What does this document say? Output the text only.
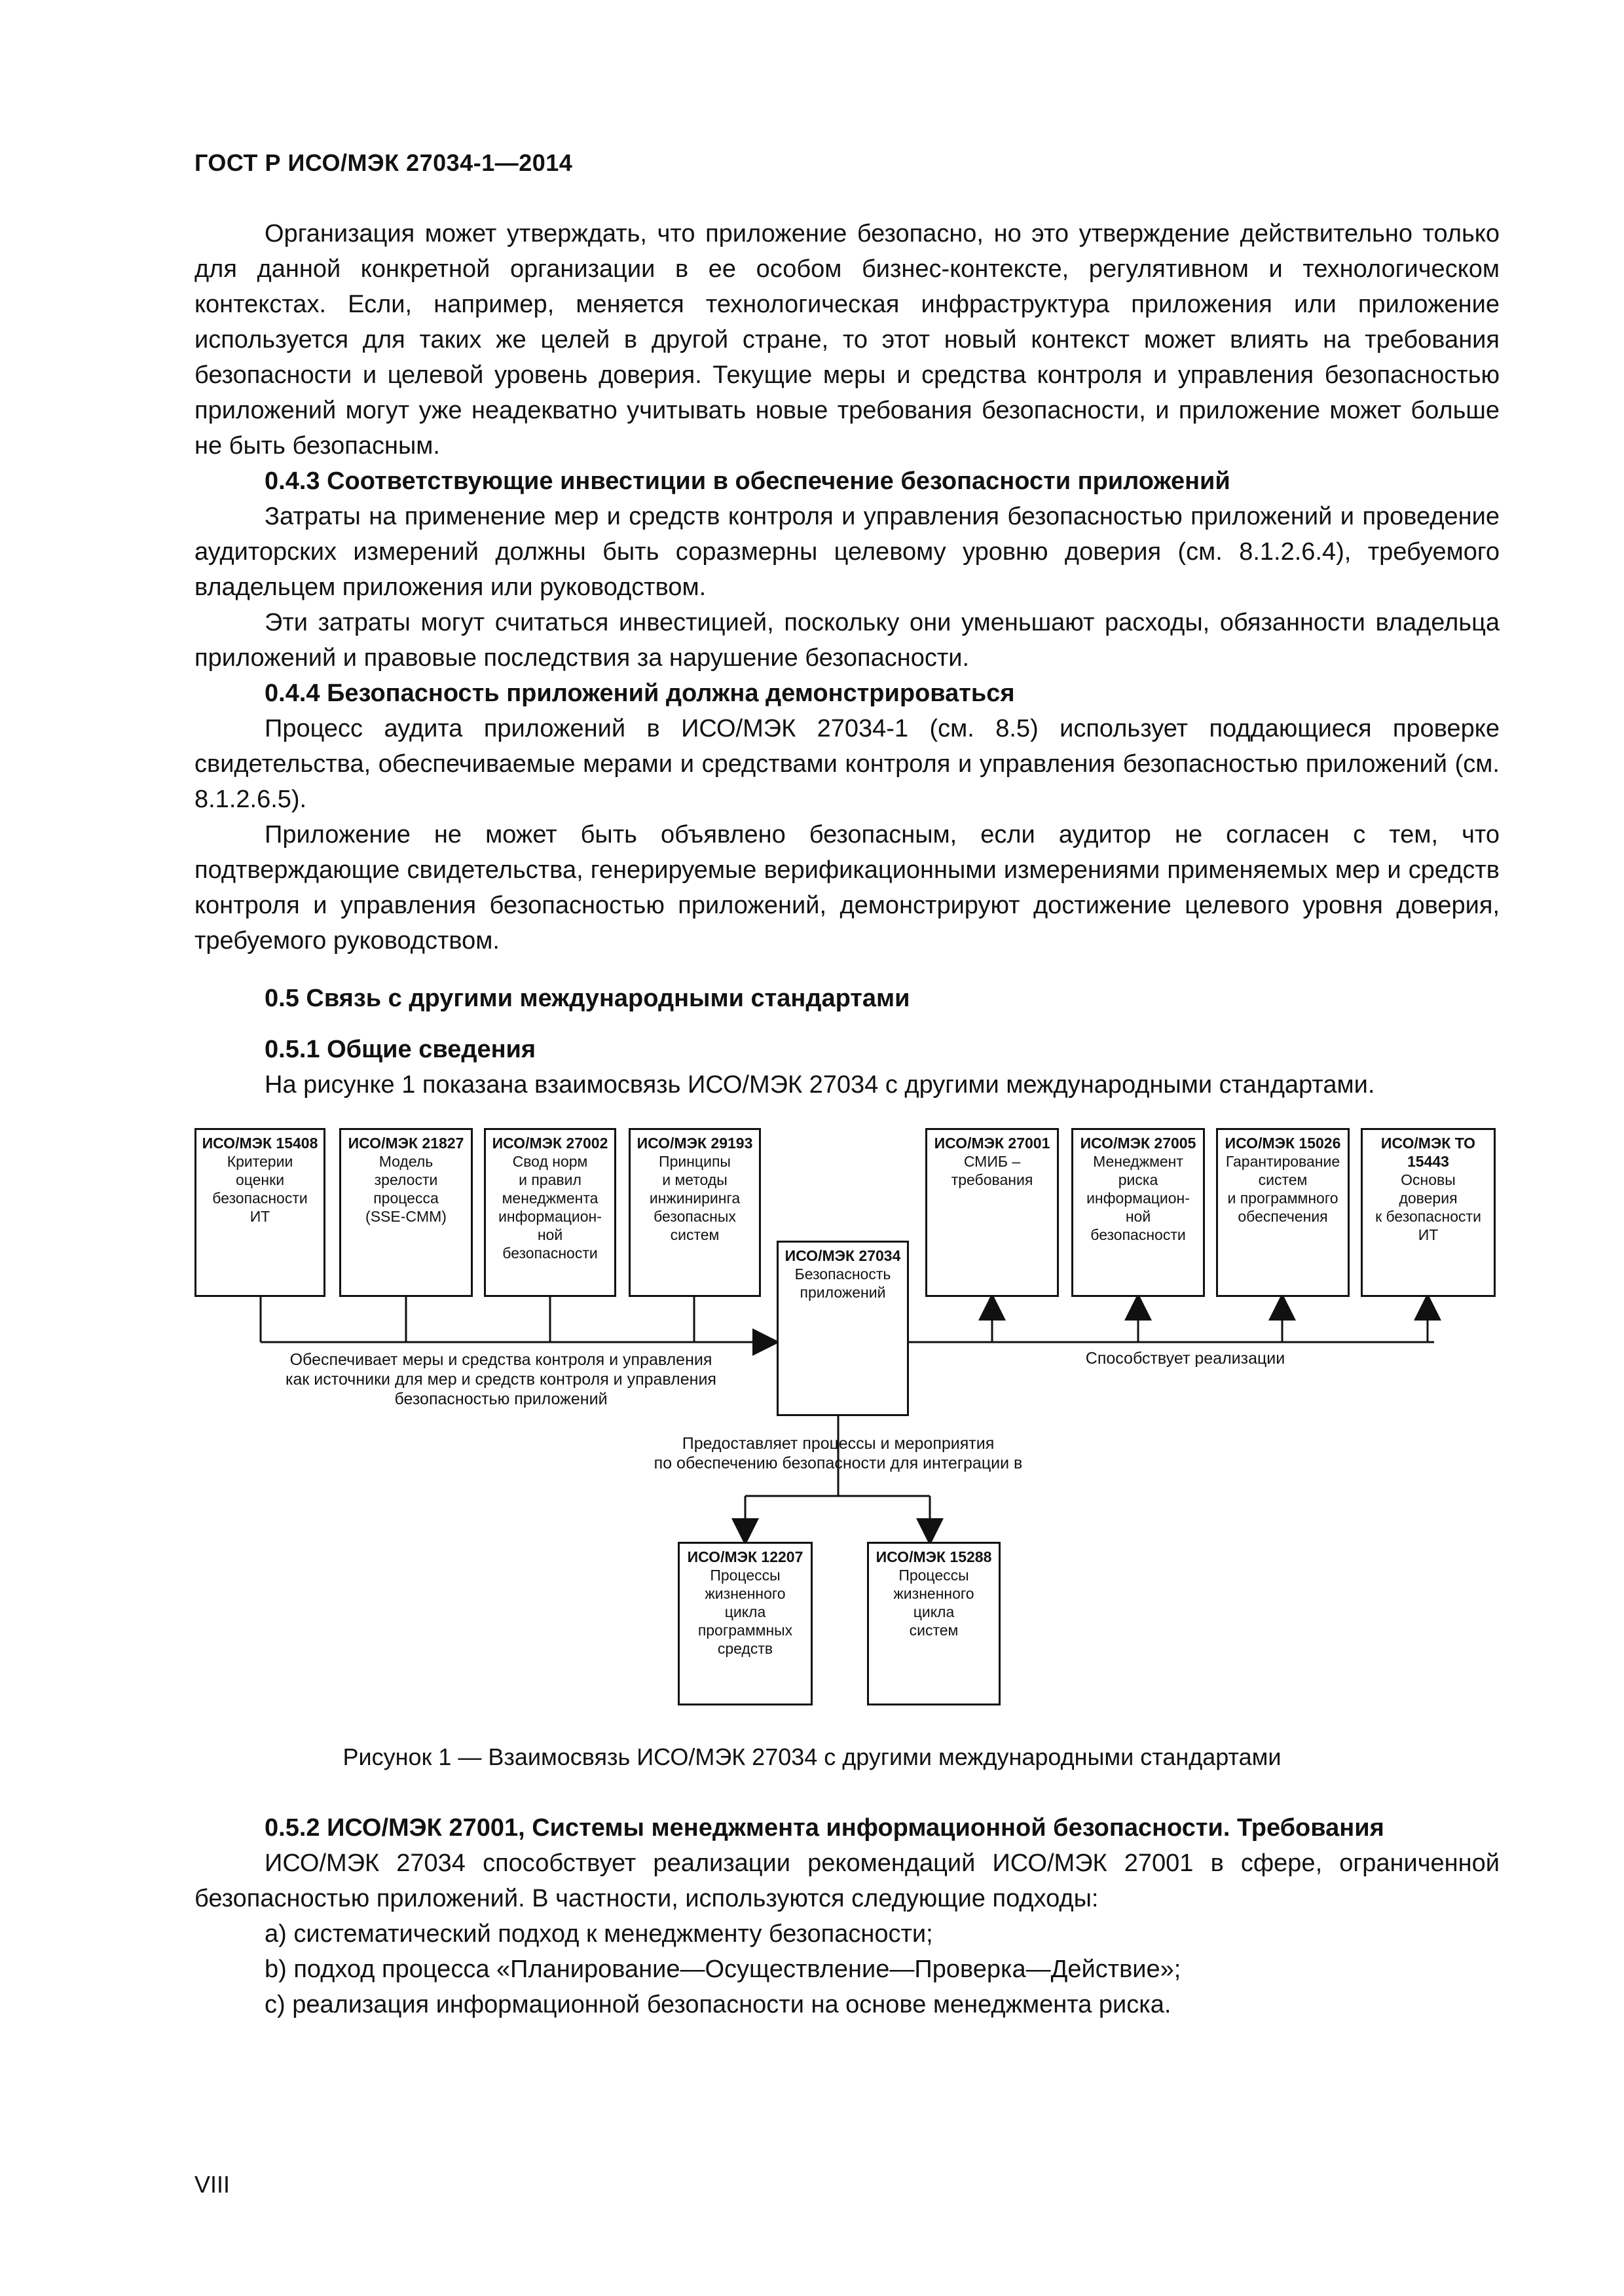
ГОСТ Р ИСО/МЭК 27034-1—2014

Организация может утверждать, что приложение безопасно, но это утверждение действительно только для данной конкретной организации в ее особом бизнес-контексте, регулятивном и технологическом контекстах. Если, например, меняется технологическая инфраструктура приложения или приложение используется для таких же целей в другой стране, то этот новый контекст может влиять на требования безопасности и целевой уровень доверия. Текущие меры и средства контроля и управления безопасностью приложений могут уже неадекватно учитывать новые требования безопасности, и приложение может больше не быть безопасным.

0.4.3 Соответствующие инвестиции в обеспечение безопасности приложений

Затраты на применение мер и средств контроля и управления безопасностью приложений и проведение аудиторских измерений должны быть соразмерны целевому уровню доверия (см. 8.1.2.6.4), требуемого владельцем приложения или руководством.

Эти затраты могут считаться инвестицией, поскольку они уменьшают расходы, обязанности владельца приложений и правовые последствия за нарушение безопасности.

0.4.4 Безопасность приложений должна демонстрироваться

Процесс аудита приложений в ИСО/МЭК 27034-1 (см. 8.5) использует поддающиеся проверке свидетельства, обеспечиваемые мерами и средствами контроля и управления безопасностью приложений (см. 8.1.2.6.5).

Приложение не может быть объявлено безопасным, если аудитор не согласен с тем, что подтверждающие свидетельства, генерируемые верификационными измерениями применяемых мер и средств контроля и управления безопасностью приложений, демонстрируют достижение целевого уровня доверия, требуемого руководством.

0.5 Связь с другими международными стандартами
0.5.1 Общие сведения

На рисунке 1 показана взаимосвязь ИСО/МЭК 27034 с другими международными стандартами.

ИСО/МЭК 15408
Критерии
оценки
безопасности
ИТ
ИСО/МЭК 21827
Модель
зрелости
процесса
(SSE-CMM)
ИСО/МЭК 27002
Свод норм
и правил
менеджмента
информацион-
ной
безопасности
ИСО/МЭК 29193
Принципы
и методы
инжиниринга
безопасных
систем
ИСО/МЭК 27034
Безопасность
приложений
ИСО/МЭК 27001
СМИБ –
требования
ИСО/МЭК 27005
Менеджмент
риска
информацион-
ной
безопасности
ИСО/МЭК 15026
Гарантирование
систем
и программного
обеспечения
ИСО/МЭК ТО
15443
Основы
доверия
к безопасности
ИТ
ИСО/МЭК 12207
Процессы
жизненного
цикла
программных
средств
ИСО/МЭК 15288
Процессы
жизненного
цикла
систем
Обеспечивает меры и средства контроля и управления
как источники для мер и средств контроля и управления
безопасностью приложений
Способствует реализации
Предоставляет процессы и мероприятия
по обеспечению безопасности для интеграции в
Рисунок 1 — Взаимосвязь ИСО/МЭК 27034 с другими международными стандартами
0.5.2 ИСО/МЭК 27001, Системы менеджмента информационной безопасности. Требования

ИСО/МЭК 27034 способствует реализации рекомендаций ИСО/МЭК 27001 в сфере, ограниченной безопасностью приложений. В частности, используются следующие подходы:

a) систематический подход к менеджменту безопасности;
b) подход процесса «Планирование—Осуществление—Проверка—Действие»;
c) реализация информационной безопасности на основе менеджмента риска.
VIII
